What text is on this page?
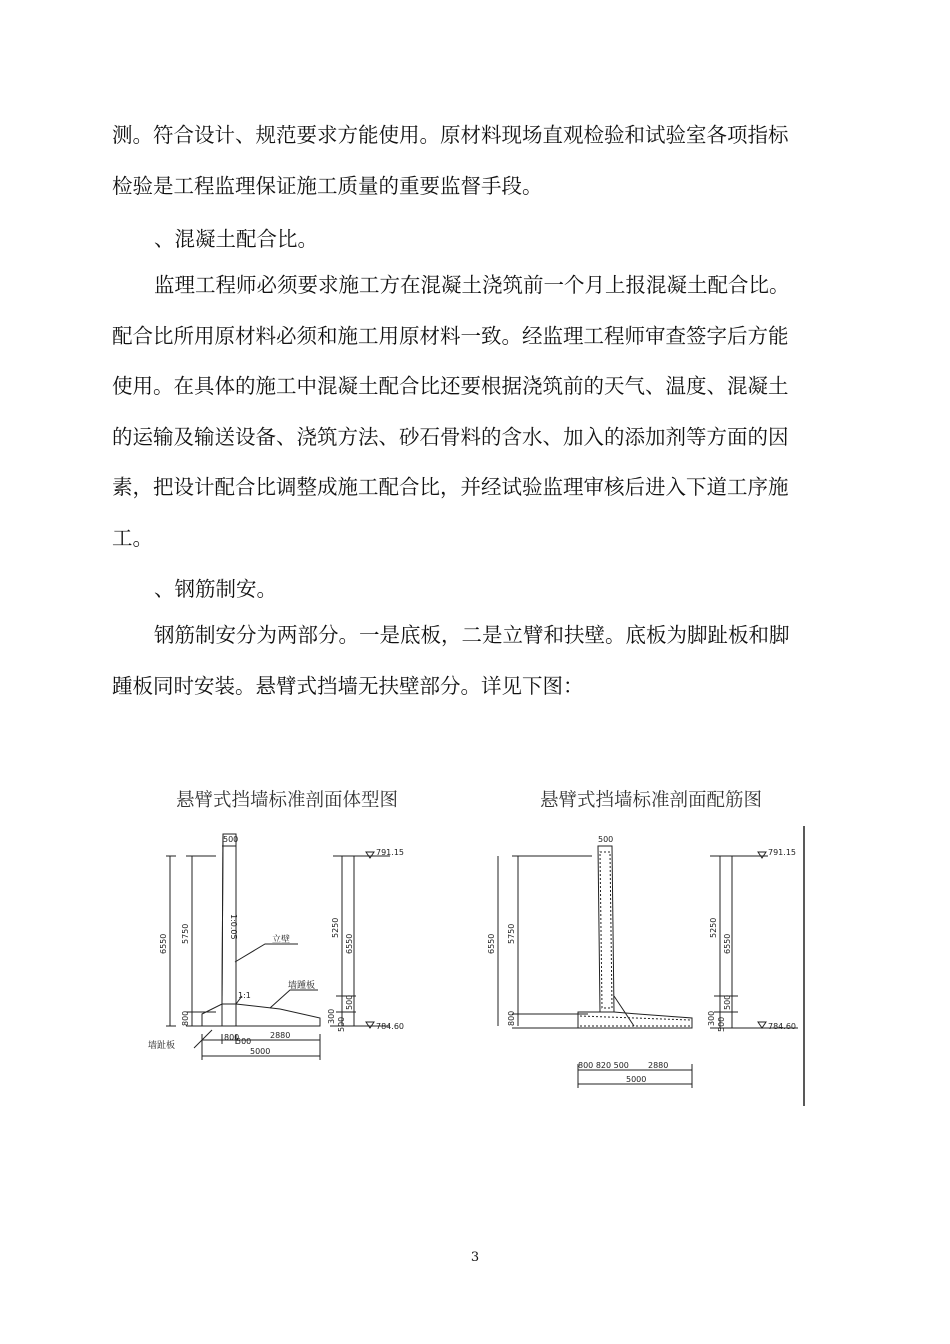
测。符合设计、规范要求方能使用。原材料现场直观检验和试验室各项指标
检验是工程监理保证施工质量的重要监督手段。
、混凝土配合比。
监理工程师必须要求施工方在混凝土浇筑前一个月上报混凝土配合比。
配合比所用原材料必须和施工用原材料一致。经监理工程师审查签字后方能
使用。在具体的施工中混凝土配合比还要根据浇筑前的天气、温度、混凝土
的运输及输送设备、浇筑方法、砂石骨料的含水、加入的添加剂等方面的因
素，把设计配合比调整成施工配合比，并经试验监理审核后进入下道工序施
工。
、钢筋制安。
钢筋制安分为两部分。一是底板，二是立臂和扶壁。底板为脚趾板和脚
踵板同时安装。悬臂式挡墙无扶壁部分。详见下图：
悬臂式挡墙标准剖面体型图	悬臂式挡墙标准剖面配筋图
500
6550 5750
800
1:0.05
立壁
墙踵板
1:1
墙趾板
800
500
2880
5000
791.15
784.60
5250
6550
500
300
500
500
6550 5750
800
800 820 500 2880
5000
791.15
784.60
5250
6550
500
300 500
3
